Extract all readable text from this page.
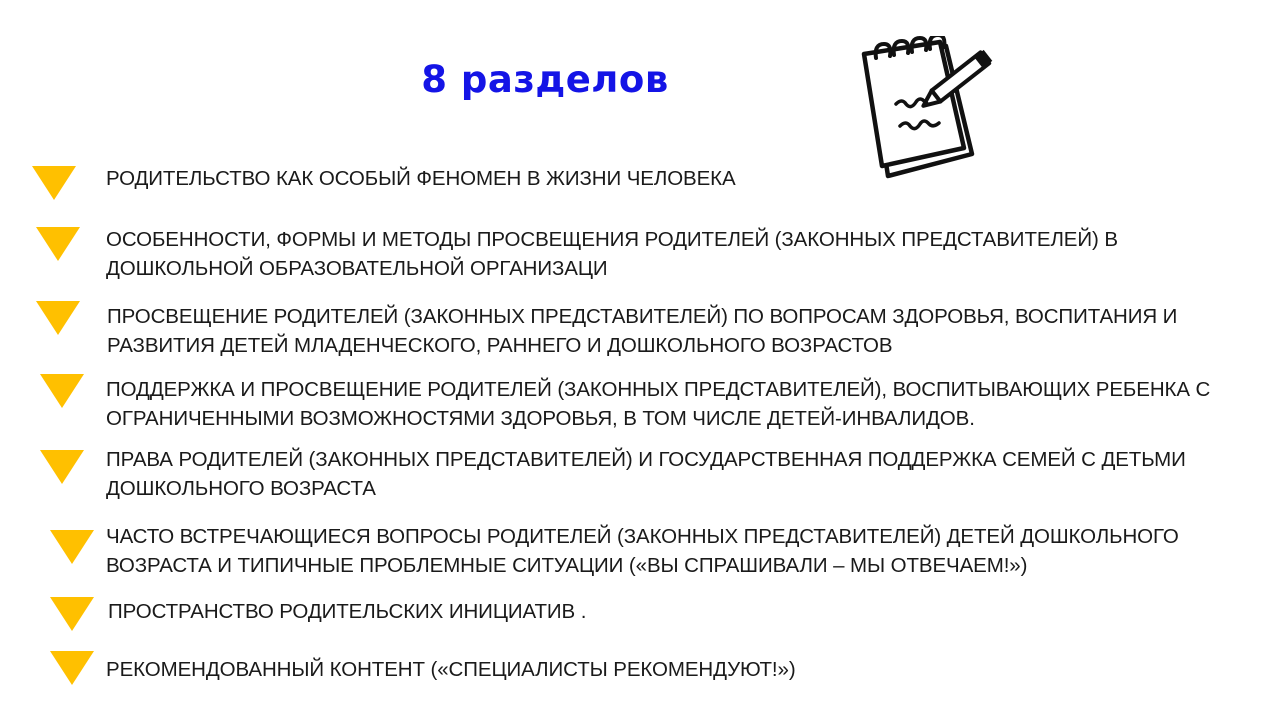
8 разделов
РОДИТЕЛЬСТВО КАК ОСОБЫЙ ФЕНОМЕН В ЖИЗНИ ЧЕЛОВЕКА
ОСОБЕННОСТИ, ФОРМЫ И МЕТОДЫ ПРОСВЕЩЕНИЯ РОДИТЕЛЕЙ (ЗАКОННЫХ ПРЕДСТАВИТЕЛЕЙ) В ДОШКОЛЬНОЙ ОБРАЗОВАТЕЛЬНОЙ ОРГАНИЗАЦИ
ПРОСВЕЩЕНИЕ РОДИТЕЛЕЙ (ЗАКОННЫХ ПРЕДСТАВИТЕЛЕЙ) ПО ВОПРОСАМ ЗДОРОВЬЯ, ВОСПИТАНИЯ И РАЗВИТИЯ ДЕТЕЙ МЛАДЕНЧЕСКОГО, РАННЕГО И ДОШКОЛЬНОГО ВОЗРАСТОВ
ПОДДЕРЖКА И ПРОСВЕЩЕНИЕ РОДИТЕЛЕЙ (ЗАКОННЫХ ПРЕДСТАВИТЕЛЕЙ), ВОСПИТЫВАЮЩИХ РЕБЕНКА С ОГРАНИЧЕННЫМИ ВОЗМОЖНОСТЯМИ ЗДОРОВЬЯ, В ТОМ ЧИСЛЕ ДЕТЕЙ-ИНВАЛИДОВ.
ПРАВА РОДИТЕЛЕЙ (ЗАКОННЫХ ПРЕДСТАВИТЕЛЕЙ) И ГОСУДАРСТВЕННАЯ ПОДДЕРЖКА СЕМЕЙ С ДЕТЬМИ ДОШКОЛЬНОГО ВОЗРАСТА
ЧАСТО ВСТРЕЧАЮЩИЕСЯ ВОПРОСЫ РОДИТЕЛЕЙ (ЗАКОННЫХ ПРЕДСТАВИТЕЛЕЙ) ДЕТЕЙ ДОШКОЛЬНОГО ВОЗРАСТА И ТИПИЧНЫЕ ПРОБЛЕМНЫЕ СИТУАЦИИ («ВЫ СПРАШИВАЛИ – МЫ ОТВЕЧАЕМ!»)
ПРОСТРАНСТВО РОДИТЕЛЬСКИХ ИНИЦИАТИВ .
РЕКОМЕНДОВАННЫЙ КОНТЕНТ («СПЕЦИАЛИСТЫ РЕКОМЕНДУЮТ!»)
